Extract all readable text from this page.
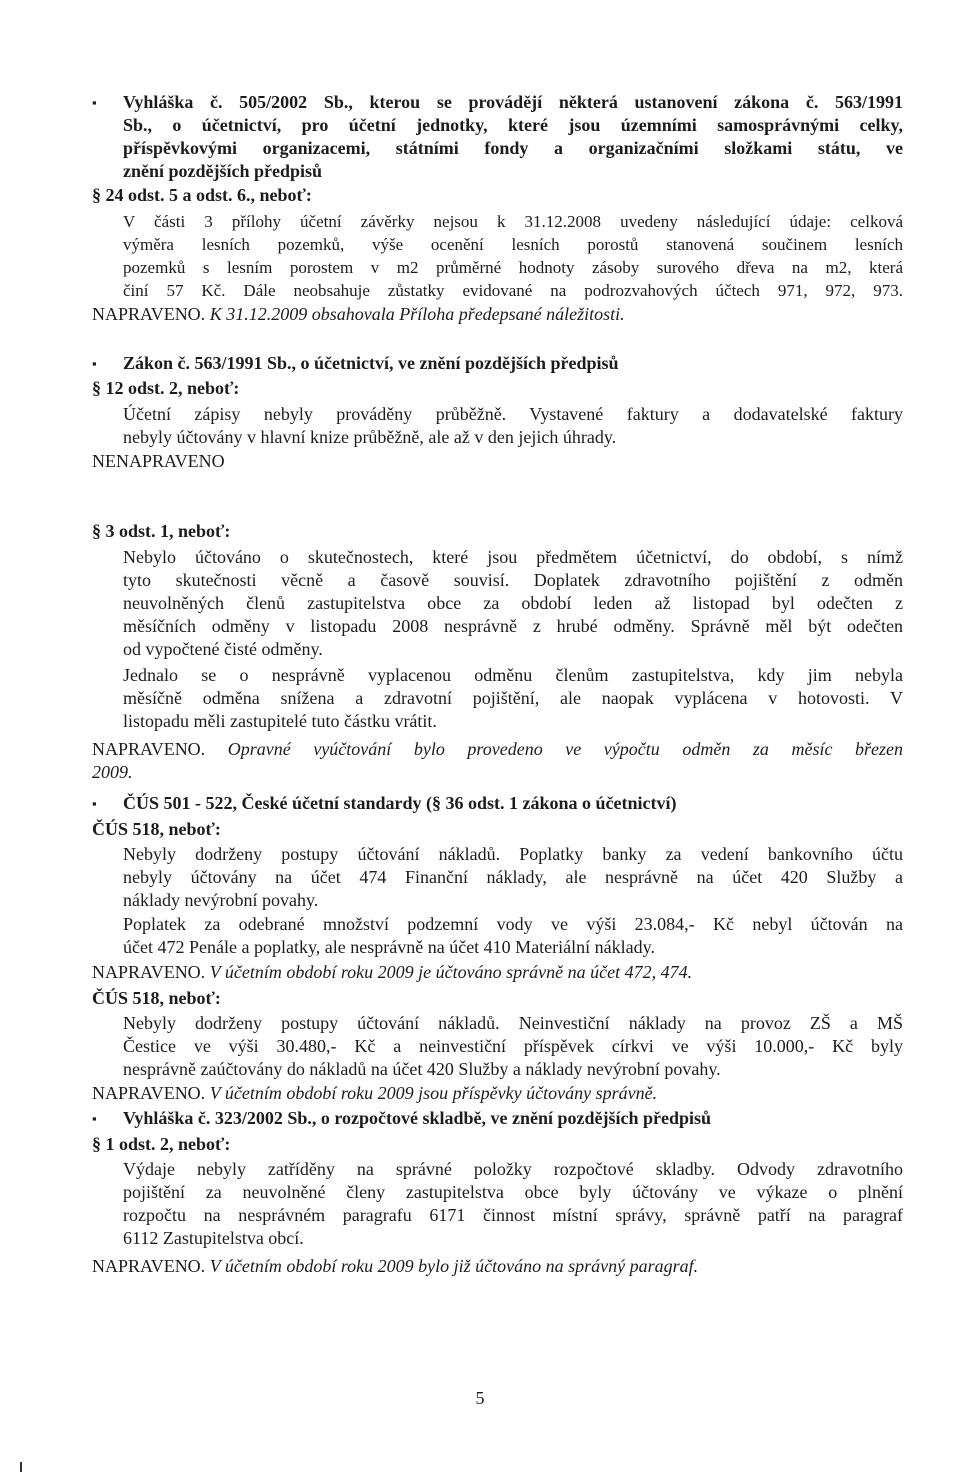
▪ Vyhláška č. 505/2002 Sb., kterou se provádějí některá ustanovení zákona č. 563/1991
Sb., o účetnictví, pro účetní jednotky, které jsou územními samosprávnými celky,
příspěvkovými organizacemi, státními fondy a organizačními složkami státu, ve
znění pozdějších předpisů
§ 24 odst. 5 a odst. 6., neboť:
V části 3 přílohy účetní závěrky nejsou k 31.12.2008 uvedeny následující údaje: celková
výměra lesních pozemků, výše ocenění lesních porostů stanovená součinem lesních
pozemků s lesním porostem v m2 průměrné hodnoty zásoby surového dřeva na m2, která
činí 57 Kč. Dále neobsahuje zůstatky evidované na podrozvahových účtech 971, 972, 973.
NAPRAVENO. K 31.12.2009 obsahovala Příloha předepsané náležitosti.
▪ Zákon č. 563/1991 Sb., o účetnictví, ve znění pozdějších předpisů
§ 12 odst. 2, neboť:
Účetní zápisy nebyly prováděny průběžně. Vystavené faktury a dodavatelské faktury
nebyly účtovány v hlavní knize průběžně, ale až v den jejich úhrady.
NENAPRAVENO
§ 3 odst. 1, neboť:
Nebylo účtováno o skutečnostech, které jsou předmětem účetnictví, do období, s nímž
tyto skutečnosti věcně a časově souvisí. Doplatek zdravotního pojištění z odměn
neuvolněných členů zastupitelstva obce za období leden až listopad byl odečten z
měsíčních odměny v listopadu 2008 nesprávně z hrubé odměny. Správně měl být odečten
od vypočtené čisté odměny.
Jednalo se o nesprávně vyplacenou odměnu členům zastupitelstva, kdy jim nebyla
měsíčně odměna snížena a zdravotní pojištění, ale naopak vyplácena v hotovosti. V
listopadu měli zastupitelé tuto částku vrátit.
NAPRAVENO. Opravné vyúčtování bylo provedeno ve výpočtu odměn za měsíc březen
2009.
▪ ČÚS 501 - 522, České účetní standardy (§ 36 odst. 1 zákona o účetnictví)
ČÚS 518, neboť:
Nebyly dodrženy postupy účtování nákladů. Poplatky banky za vedení bankovního účtu
nebyly účtovány na účet 474 Finanční náklady, ale nesprávně na účet 420 Služby a
náklady nevýrobní povahy.
Poplatek za odebrané množství podzemní vody ve výši 23.084,- Kč nebyl účtován na
účet 472 Penále a poplatky, ale nesprávně na účet 410 Materiální náklady.
NAPRAVENO. V účetním období roku 2009 je účtováno správně na účet 472, 474.
ČÚS 518, neboť:
Nebyly dodrženy postupy účtování nákladů. Neinvestiční náklady na provoz ZŠ a MŠ
Čestice ve výši 30.480,- Kč a neinvestiční příspěvek církvi ve výši 10.000,- Kč byly
nesprávně zaúčtovány do nákladů na účet 420 Služby a náklady nevýrobní povahy.
NAPRAVENO. V účetním období roku 2009 jsou příspěvky účtovány správně.
▪ Vyhláška č. 323/2002 Sb., o rozpočtové skladbě, ve znění pozdějších předpisů
§ 1 odst. 2, neboť:
Výdaje nebyly zatříděny na správné položky rozpočtové skladby. Odvody zdravotního
pojištění za neuvolněné členy zastupitelstva obce byly účtovány ve výkaze o plnění
rozpočtu na nesprávném paragrafu 6171 činnost místní správy, správně patří na paragraf
6112 Zastupitelstva obcí.
NAPRAVENO. V účetním období roku 2009 bylo již účtováno na správný paragraf.
5
